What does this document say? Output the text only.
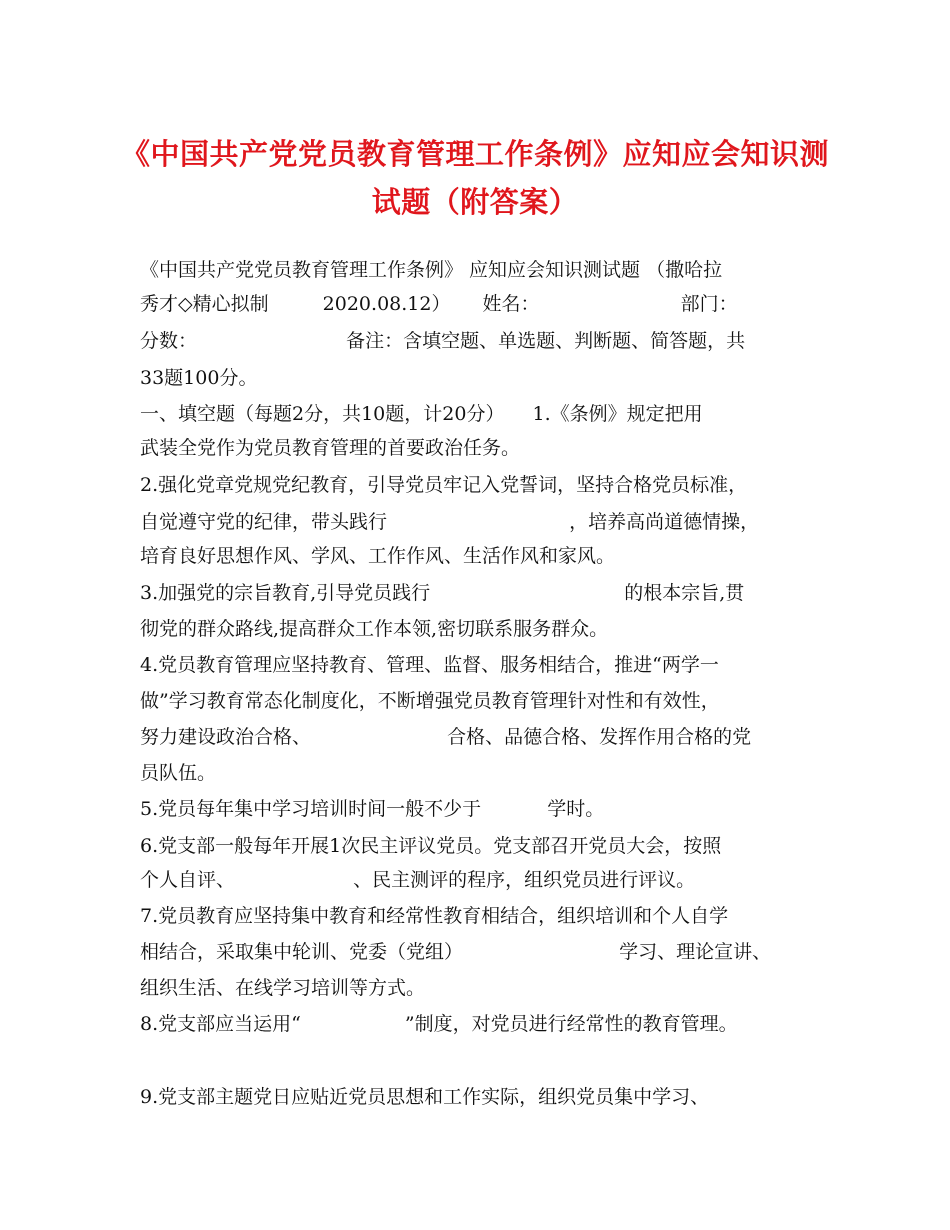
《中国共产党党员教育管理工作条例》应知应会知识测
试题（附答案）
《中国共产党党员教育管理工作条例》 应知应会知识测试题 （撒哈拉
秀才◇精心拟制	2020.08.12） 姓名：	部门：
分数：	备注：含填空题、单选题、判断题、简答题，共
33题100分。
一、填空题（每题2分，共10题，计20分） 1.《条例》规定把用
武装全党作为党员教育管理的首要政治任务。
2.强化党章党规党纪教育，引导党员牢记入党誓词，坚持合格党员标准，
自觉遵守党的纪律，带头践行	，培养高尚道德情操，
培育良好思想作风、学风、工作作风、生活作风和家风。
3.加强党的宗旨教育,引导党员践行	的根本宗旨,贯
彻党的群众路线,提高群众工作本领,密切联系服务群众。
4.党员教育管理应坚持教育、管理、监督、服务相结合，推进“两学一
做”学习教育常态化制度化，不断增强党员教育管理针对性和有效性，
努力建设政治合格、	合格、品德合格、发挥作用合格的党
员队伍。
5.党员每年集中学习培训时间一般不少于	学时。
6.党支部一般每年开展1次民主评议党员。党支部召开党员大会，按照
个人自评、	、民主测评的程序，组织党员进行评议。
7.党员教育应坚持集中教育和经常性教育相结合，组织培训和个人自学
相结合，采取集中轮训、党委（党组）	学习、理论宣讲、
组织生活、在线学习培训等方式。
8.党支部应当运用“	”制度，对党员进行经常性的教育管理。
9.党支部主题党日应贴近党员思想和工作实际，组织党员集中学习、
